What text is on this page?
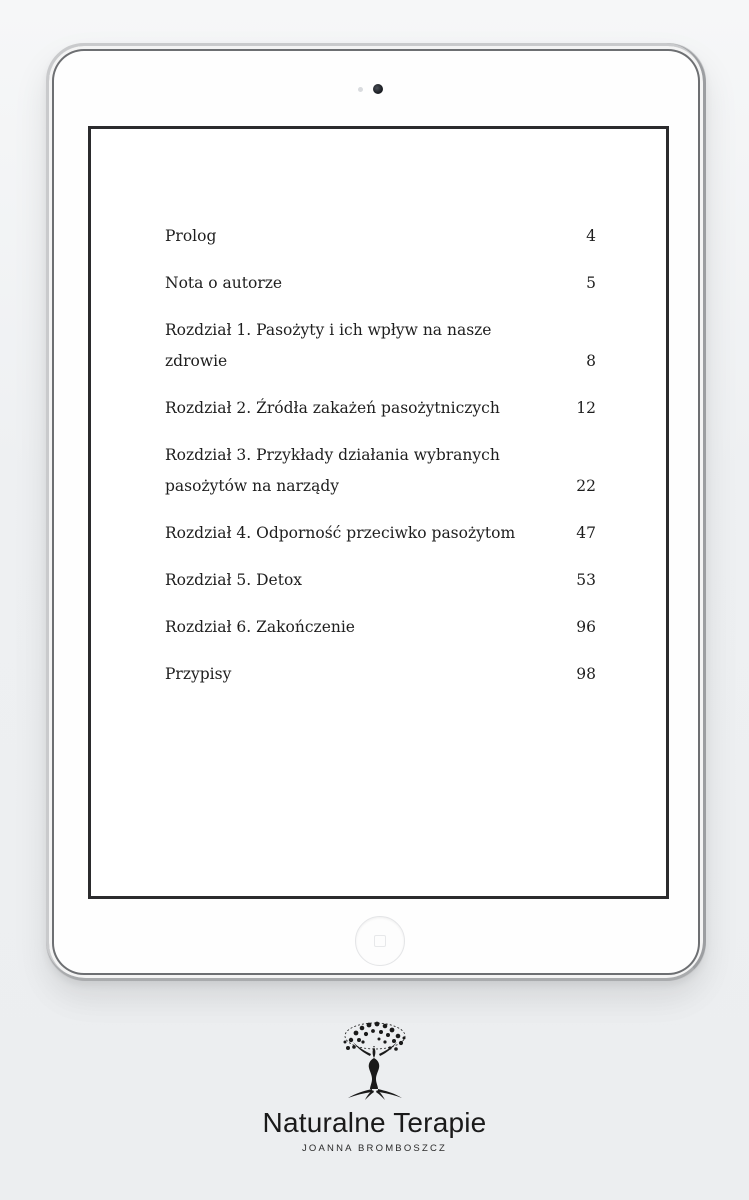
Prolog	4
Nota o autorze	5
Rozdział 1. Pasożyty i ich wpływ na nasze zdrowie	8
Rozdział 2. Źródła zakażeń pasożytniczych	12
Rozdział 3. Przykłady działania wybranych pasożytów na narządy	22
Rozdział 4. Odporność przeciwko pasożytom	47
Rozdział 5. Detox	53
Rozdział 6. Zakończenie	96
Przypisy	98
Naturalne Terapie
JOANNA BROMBOSZCZ
